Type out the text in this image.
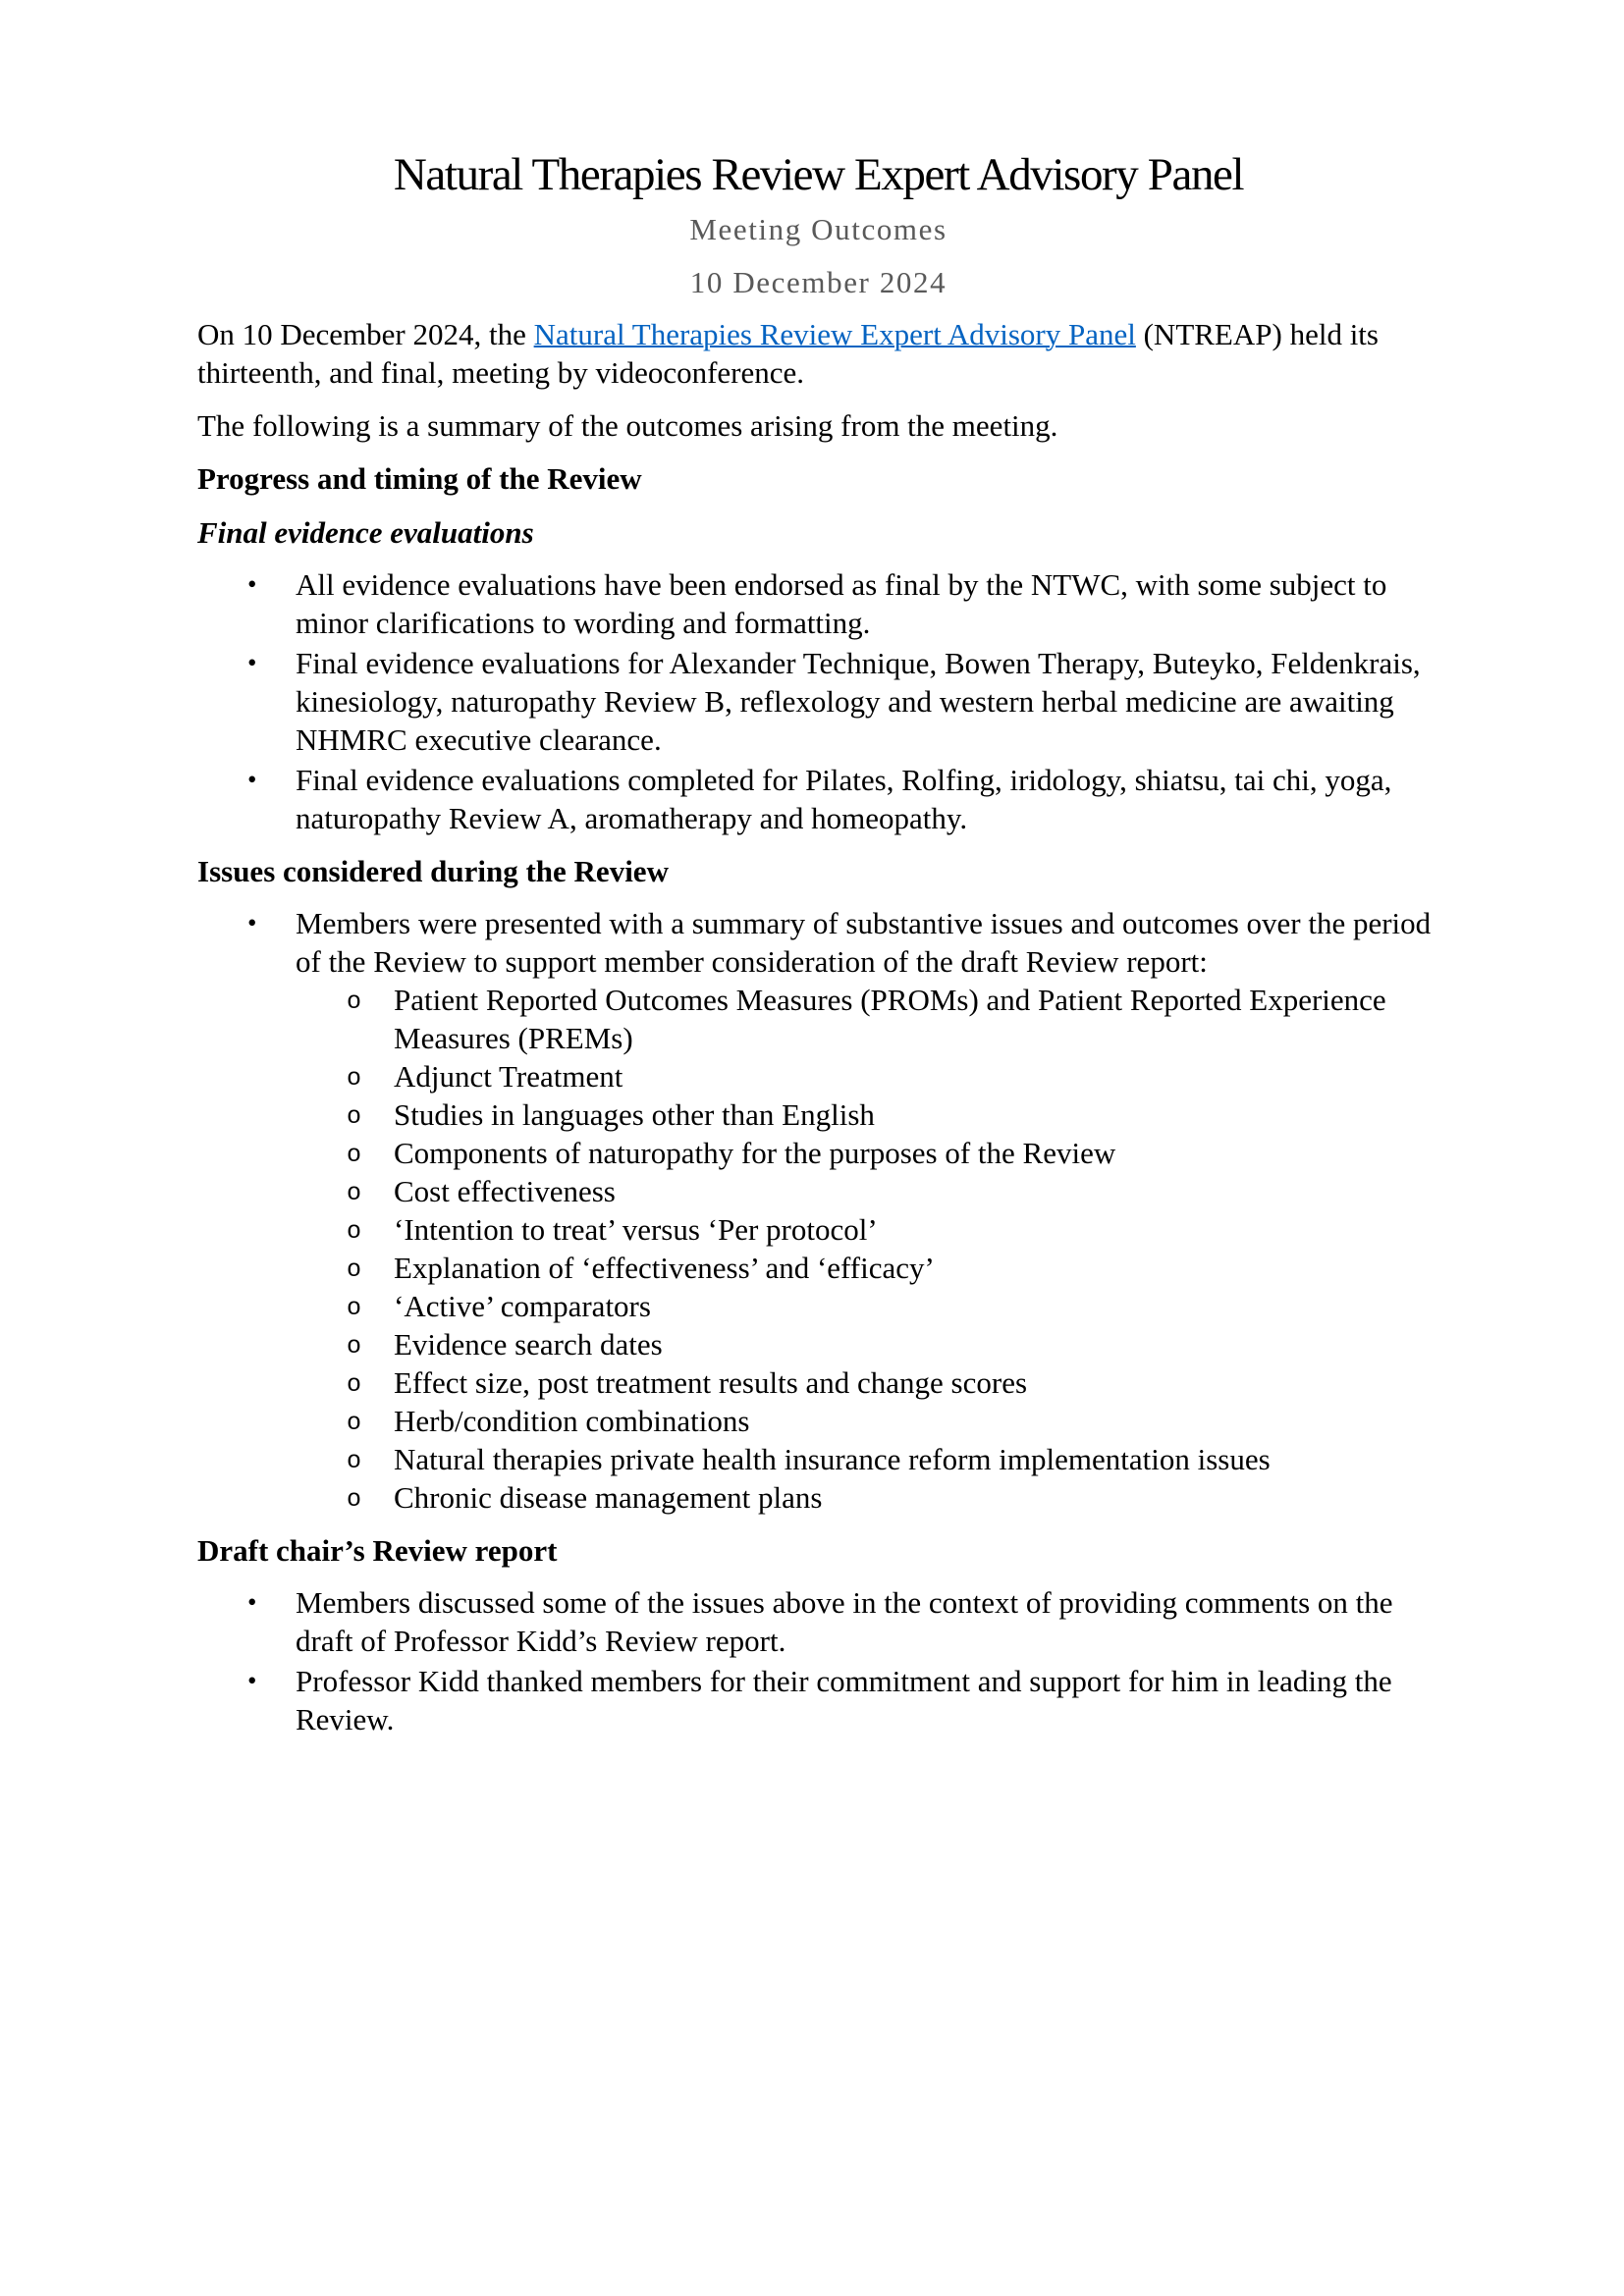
Natural Therapies Review Expert Advisory Panel
Meeting Outcomes
10 December 2024

On 10 December 2024, the Natural Therapies Review Expert Advisory Panel (NTREAP) held its thirteenth, and final, meeting by videoconference.

The following is a summary of the outcomes arising from the meeting.

Progress and timing of the Review
Final evidence evaluations
• All evidence evaluations have been endorsed as final by the NTWC, with some subject to minor clarifications to wording and formatting.
• Final evidence evaluations for Alexander Technique, Bowen Therapy, Buteyko, Feldenkrais, kinesiology, naturopathy Review B, reflexology and western herbal medicine are awaiting NHMRC executive clearance.
• Final evidence evaluations completed for Pilates, Rolfing, iridology, shiatsu, tai chi, yoga, naturopathy Review A, aromatherapy and homeopathy.
Issues considered during the Review
• Members were presented with a summary of substantive issues and outcomes over the period of the Review to support member consideration of the draft Review report:
o Patient Reported Outcomes Measures (PROMs) and Patient Reported Experience Measures (PREMs)
o Adjunct Treatment
o Studies in languages other than English
o Components of naturopathy for the purposes of the Review
o Cost effectiveness
o ‘Intention to treat’ versus ‘Per protocol’
o Explanation of ‘effectiveness’ and ‘efficacy’
o ‘Active’ comparators
o Evidence search dates
o Effect size, post treatment results and change scores
o Herb/condition combinations
o Natural therapies private health insurance reform implementation issues
o Chronic disease management plans
Draft chair’s Review report
• Members discussed some of the issues above in the context of providing comments on the draft of Professor Kidd’s Review report.
• Professor Kidd thanked members for their commitment and support for him in leading the Review.
